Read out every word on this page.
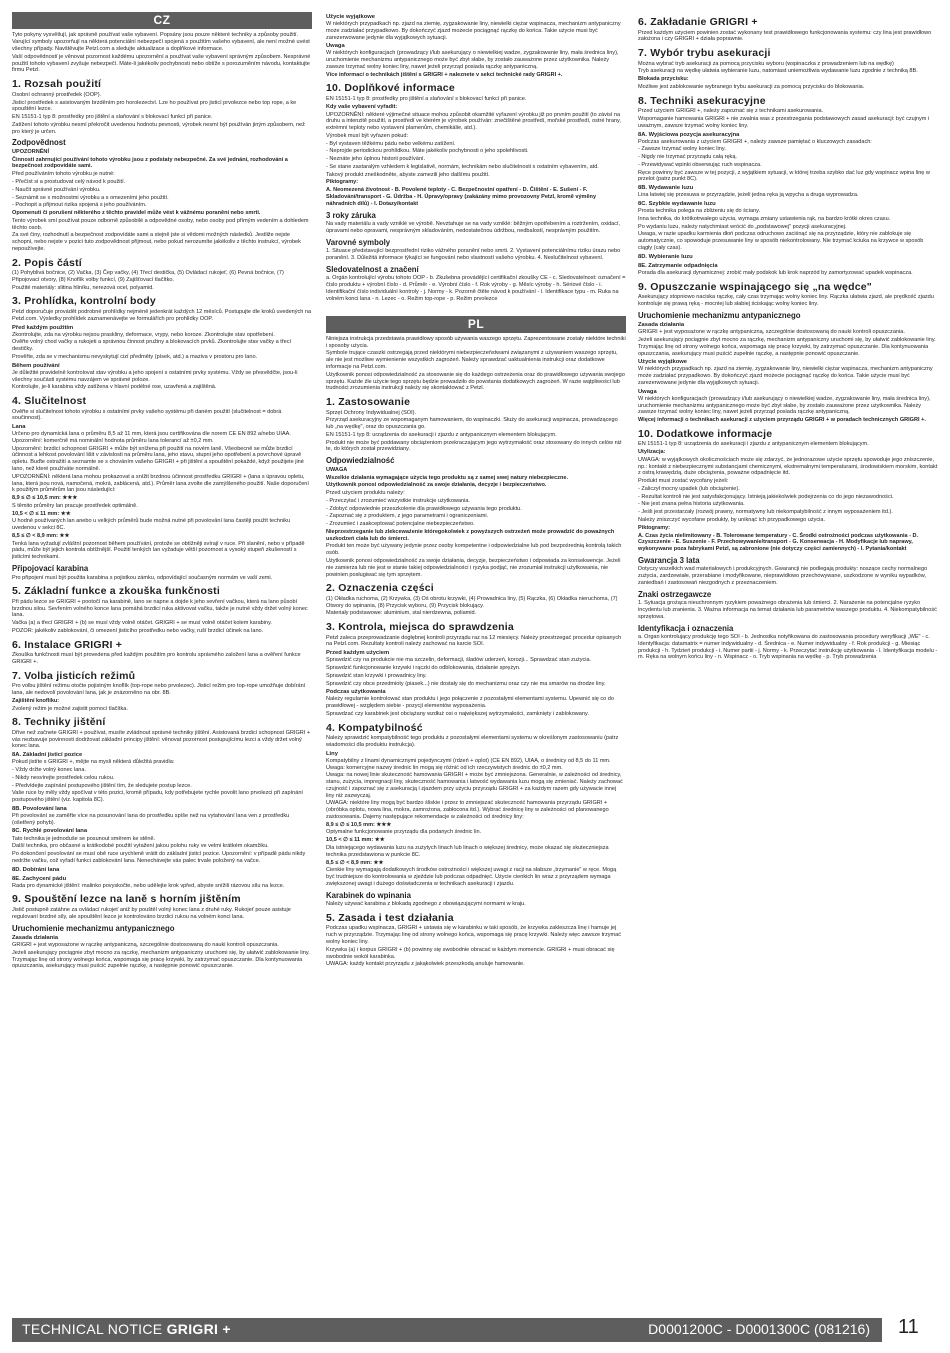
CZ

Tyto pokyny vysvětlují, jak správně používat vaše vybavení. Popsány jsou pouze některé techniky a způsoby použití.

Varující symboly upozorňují na některá potenciální nebezpečí spojená s použitím vašeho vybavení, ale není možné uvést všechny případy. Navštěvujte Petzl.com a sledujte aktualizace a doplňkové informace.

Vaší odpovědností je věnovat pozornost každému upozornění a používat vaše vybavení správným způsobem. Nesprávné použití tohoto vybavení zvyšuje nebezpečí. Máte-li jakékoliv pochybnosti nebo obtíže s porozuměním návodu, kontaktujte firmu Petzl.

1. Rozsah použití

Osobní ochranný prostředek (OOP).

Jisticí prostředek s asistovaným brzděním pro horolezectví. Lze ho používat pro jisticí prvolezce nebo top rope, a ke spouštění lezce.

EN 15151-1 typ 8: prostředky pro jištění a slaňování s blokovací funkcí při panice.

Zatížení tohoto výrobku nesmí překročit uvedenou hodnotu pevnosti, výrobek nesmí být používán jiným způsobem, než pro který je určen.

Zodpovědnost

UPOZORNĚNÍ

Činnosti zahrnující používání tohoto výrobku jsou z podstaty nebezpečné. Za své jednání, rozhodování a bezpečnost zodpovídáte sami.

Před používáním tohoto výrobku je nutné:

- Přečíst si a prostudovat celý návod k použití.

- Naučit správné používání výrobku.

- Seznámit se s možnostmi výrobku a s omezeními jeho použití.

- Pochopit a přijmout rizika spojená s jeho používáním.

Opomenutí či porušení některého z těchto pravidel může vést k vážnému poranění nebo smrti.

Tento výrobek smí používat pouze odborně způsobilé a odpovědné osoby, nebo osoby pod přímým vedením a dohledem těchto osob.

Za své činy, rozhodnutí a bezpečnost zodpovídáte sami a stejně jste si vědomi možných následků. Jestliže nejste schopni, nebo nejste v pozici tuto zodpovědnost přijmout, nebo pokud nerozumíte jakékoliv z těchto instrukcí, výrobek nepoužívejte.

2. Popis částí

(1) Pohyblivá bočnice, (2) Vačka, (3) Čep vačky, (4) Třecí destička, (5) Ovládací rukojeť, (6) Pevná bočnice, (7) Připojovací otvory, (8) Knoflík volby funkcí, (9) Zajišťovací tlačítko.

Použité materiály: slitina hliníku, nerezová ocel, polyamid.

3. Prohlídka, kontrolní body

Petzl doporučuje provádět podrobné prohlídky nejméně jedenkrát každých 12 měsíců. Postupujte dle kroků uvedených na Petzl.com. Výsledky prohlídek zaznamenávejte ve formulářích pro prohlídky OOP.

Před každým použitím

Zkontrolujte, zda na výrobku nejsou praskliny, deformace, vrypy, nebo koroze. Zkontrolujte stav opotřebení.

Ověřte volný chod vačky a rukojeti a správnou činnost pružiny a blokovacích prvků. Zkontrolujte stav vačky a třecí destičky.

Prověřte, zda se v mechanismu nevyskytují cizí předměty (písek, atd.) a maziva v prostoru pro lano.

Během používání

Je důležité pravidelně kontrolovat stav výrobku a jeho spojení s ostatními prvky systému. Vždy se přesvědčte, jsou-li všechny součásti systému navzájem ve správné poloze.

Kontrolujte, je-li karabina vždy zatížena v hlavní podélné ose, uzavřená a zajištěná.

4. Slučitelnost

Ověřte si slučitelnost tohoto výrobku s ostatními prvky vašeho systému při daném použití (slučitelnost = dobrá součinnost).

Lana

Určeno pro dynamická lana o průměru 8,5 až 11 mm, která jsou certifikována dle norem CE EN 892 a/nebo UIAA. Upozornění: komerčně má nominální hodnota průměru lana tolerancí až ±0,2 mm.

Upozornění: brzdicí schopnost GRIGRI + může být snížena při použití na novém laně. Všeobecně se může brzdicí účinnost a lehkost povolování lišit v závislosti na průměru lana, jeho stavu, stupni jeho opotřebení a povrchové úpravě opletu. Buďte ostražití a seznamte se s chováním vašeho GRIGRI + při jištění a spouštění pokaždé, když použijete jiné lano, než které používáte normálně.

UPOZORNĚNÍ: některá lana mohou prokazovat a snížit brzdnou účinnost prostředku GRIGRI + (lana s úpravou opletu, lana, která jsou nová, namočená, mokrá, zablácená, atd.). Průměr lana zvolte dle zamýšleného použití. Naše doporučení k použitým průměrům lan jsou následující:

8,9 ≤ ∅ ≤ 10,5 mm: ★★★

S těmito průměry lan pracuje prostředek optimálně.

10,5 < ∅ ≤ 11 mm: ★★

U hodně používaných lan anebo u velkých průměrů bude možná nutné při povolování lana častěji použít techniku uvedenou v sekci 8C.

8,5 ≤ ∅ < 8,9 mm: ★★

Tenká lana vyžadují zvláštní pozornost během používání, protože se obtížněji svírají v ruce. Při slanění, nebo v případě pádu, může být jejich kontrola obtížnější. Použití tenkých lan vyžaduje větší pozornost a vysoký stupeň zkušeností s jisticími technikami.

Připojovací karabina

Pro připojení musí být použita karabina s pojistkou zámku, odpovídající současným normám ve vaší zemi.

5. Základní funkce a zkouška funkčnosti

Při pádu lezce se GRIGRI + pootočí na karabině, lano se napne a dojde k jeho sevření vačkou, která na lano působí brzdnou silou. Sevřením volného konce lana pomáhá brzdicí ruka aktivovat vačku, takže je nutné vždy držet volný konec lana.

Vačka (a) a třecí GRIGRI + (b) se musí vždy volně otáčet. GRIGRI + se musí volně otáčet kolem karabiny.

POZOR: jakékoliv zablokování, či omezení jisticího prostředku nebo vačky, ruší brzdicí účinek na lano.

6. Instalace GRIGRI +

Zkouška funkčnosti musí být provedena před každým použitím pro kontrolu správného založení lana a ověření funkce GRIGRI +.

7. Volba jisticích režimů

Pro volbu jištění režimu otočte pojistným knoflík (top-rope nebo prvolezec). Jisticí režim pro top-rope umožňuje dobírání lana, ale nedovolí povolování lana, jak je znázorněno na obr. 8B.

Zajištění knoflíku:

Zvolený režim je možné zajistit pomocí tlačítka.

8. Techniky jištění

Dříve než začnete GRIGRI + používat, musíte zvládnout správné techniky jištění. Asistovaná brzdicí schopnost GRIGRI + vás nezbavuje povinnosti dodržovat základní principy jištění: věnovat pozornost postupujícímu lezci a vždy držet volný konec lana.

8A. Základní jisticí pozice

Pokud jistíte s GRIGRI +, mějte na mysli některá důležitá pravidla:

- Vždy držte volný konec lana.

- Nikdy nesvírejte prostředek celou rukou.

- Předvídejte zapínání postupového jištění tím, že sledujete postup lezce.

Vaše ruce by měly vždy spočívat v této pozici, kromě případu, kdy potřebujete rychle povolit lano prvolezci při zapínání postupového jištění (viz. kapitola 8C).

8B. Povolování lana

Při povolování se zaměřte více na posunování lana do prostředku spíše než na vytahování lana ven z prostředku (ošetřený pohyb).

8C. Rychlé povolování lana

Tato technika je jednoduše se posunout směrem ke stěně.

Další technika, pro občasné a krátkodobé použití vytažení jakou polohu ruky ve velmi krátkém okamžiku.

Po dokončení povolování se musí obě ruce urychleně vrátit do základní jisticí pozice. Upozornění: v případě pádu nikdy nedržte vačku, což vyřadí funkci zablokování lana. Nenechávejte vás palec trvale položený na vačce.

8D. Dobírání lana
8E. Zachycení pádu

Rada pro dynamické jištění: malinko povyskočte, nebo udělejte krok vpřed, abyste snížili rázovou sílu na lezce.

9. Spouštění lezce na laně s horním jištěním

Jistič postupně zatáhne za ovládací rukojeť aniž by pouštěl volný konec lana z druhé ruky. Rukojeť pouze asistuje regulovaní brzdné síly, ale spouštění lezce je kontrolováno brzdicí rukou na volném konci lana.

Uruchomienie mechanizmu antypanicznego
Zasada działania

GRIGRI + jest wyposażone w rączkę antypaniczną, szczególnie dostosowaną do nauki kontroli opuszczania.

Jeżeli asekurujący pociągnie zbyt mocno za rączkę, mechanizm antypaniczny uruchomi się, by ułatwić zablokowanie liny. Trzymając linę od strony wolnego końca, wspomaga się pracę krzywki, by zatrzymać opuszczanie. Dla kontynuowania opuszczania, asekurujący musi puścić zupełnie rączkę, a następnie ponowić opuszczanie.

Užycie wyjątkowe

W niektórych przypadkach np. zjazd na ziemię, zygzakowanie liny, niewielki ciężar wspinacza, mechanizm antypaniczny może zadziałać przypadkowo. By dokończyć zjazd możecie pociągnąć rączkę do końca. Takie użycie musi być zarezerwowane jedynie dla wyjątkowych sytuacji.

Uwaga

W niektórych konfiguracjach (prowadzący i/lub asekurujący o niewielkiej wadze, zygzakowanie liny, mała średnica liny), uruchomienie mechanizmu antypanicznego może być zbyt słabe, by zostało zauważone przez użytkownika. Należy zawsze trzymać wolny koniec liny, nawet jeżeli przyrząd posiada rączkę antypaniczną.

Více informací o technikách jištění s GRIGRI + naleznete v sekci technické rady GRIGRI +.

10. Doplňkové informace

EN 15151-1 typ 8: prostředky pro jištění a slaňování s blokovací funkcí při panice.

Kdy vaše vybavení vyřadit:

UPOZORNĚNÍ: některé výjimečné situace mohou způsobit okamžité vyřazení výrobku již po prvním použití (to závisí na druhu a intenzitě použití, a prostředí ve kterém je výrobek používán: znečištěné prostředí, mořské prostředí, ostré hrany, extrémní teploty nebo vystavení plamenům, chemikálie, atd.).

Výrobek musí být vyřazen pokud:

- Byl vystaven těžkému pádu nebo velkému zatížení.

- Neprojde periodickou prohlídkou. Máte jakékoliv pochybnosti o jeho spolehlivosti.

- Neznáte jeho úplnou historii používání.

- Se stane zastaralým vzhledem k legislativě, normám, technikám nebo slučitelnosti s ostatním vybavením, atd.

Takový produkt zneškodněte, abyste zamezili jeho dalšímu použití.

Piktogramy:

A. Neomezená životnost - B. Povolené teploty - C. Bezpečnostní opatření - D. Čištění - E. Sušení - F. Skladování/transport - G. Údržba - H. Úpravy/opravy (zakázány mimo provozovny Petzl, kromě výměny náhradních dílů) - I. Dotazy/kontakt

3 roky záruka

Na vady materiálu a vady vzniklé ve výrobě. Nevztahuje se na vady vzniklé: běžným opotřebením a roztržením, oxidací, úpravami nebo opravami, nesprávným skladováním, nedostatečnou údržbou, nedbalostí, nesprávným použitím.

Varovné symboly

1. Situace představující bezprostřední riziko vážného poranění nebo smrti. 2. Vystavení potenciálnímu riziku úrazu nebo poranění. 3. Důležitá informace týkající se fungování nebo vlastností vašeho výrobku. 4. Neslučitelnost vybavení.

Sledovatelnost a značení

a. Orgán kontrolující výrobu tohoto OOP - b. Zkušebna provádějící certifikační zkoušky CE - c. Sledovatelnost: označení = číslo produktu + výrobní číslo - d. Průměr - e. Výrobní číslo - f. Rok výroby - g. Měsíc výroby - h. Sériové číslo - i. Identifikační číslo individuální kontroly - j. Normy - k. Pozorně čtěte návod k používání - l. Identifikace typu - m. Ruka na volném konci lana - n. Lezec - o. Režim top-rope - p. Režim prvolezce

PL

Niniejsza instrukcja przedstawia prawidłowy sposób używania waszego sprzętu. Zaprezentowane zostały niektóre techniki i sposoby użycia.

Symbole trujące czaszki ostrzegają przed niektórymi niebezpieczeństwami związanymi z używaniem waszego sprzętu, ale nie jest możliwe wymienienie wszystkich zagrożeń. Należy sprawdzać uaktualnienia instrukcji oraz dodatkowe informacje na Petzl.com.

Użytkownik ponosi odpowiedzialność za stosowanie się do każdego ostrzeżenia oraz do prawidłowego używania swojego sprzętu. Każde źle użycie tego sprzętu będzie prowadziło do powstania dodatkowych zagrożeń. W razie wątpliwości lub trudności zrozumienia instrukcji należy się skontaktować z Petzl.

1. Zastosowanie

Sprzęt Ochrony Indywidualnej (SOI).

Przyrząd asekuracyjny ze wspomaganym hamowaniem, do wspinaczki. Służy do asekuracji wspinacza, prowadzącego lub „na wędkę", oraz do opuszczania go.

EN 15151-1 typ 8: urządzenia do asekuracji i zjazdu z antypanicznym elementem blokującym.

Produkt nie może być poddawany obciążeniom przekraczającym jego wytrzymałość oraz stosowany do innych celów niż te, do których został przewidziany.

Odpowiedzialność

UWAGA

Wszelkie działania wymagające użycia tego produktu są z samej swej natury niebezpieczne.

Użytkownik ponosi odpowiedzialność za swoje działania, decyzje i bezpieczeństwo.

Przed użyciem produktu należy:

- Przeczytać i zrozumieć wszystkie instrukcje użytkowania.

- Zdobyć odpowiednie przeszkolenie dla prawidłowego używania tego produktu.

- Zapoznać się z produktem, z jego parametrami i ograniczeniami.

- Zrozumieć i zaakceptować potencjalne niebezpieczeństwo.

Nieprzestrzeganie lub zlekceważenie któregokolwiek z powyższych ostrzeżeń może prowadzić do poważnych uszkodzeń ciała lub do śmierci.

Produkt ten może być używany jedynie przez osoby kompetentne i odpowiedzialne lub pod bezpośrednią kontrolą takich osób.

Użytkownik ponosi odpowiedzialność za swoje działania, decyzje, bezpieczeństwo i odpowiada za konsekwencje. Jeżeli nie zamierza lub nie jest w stanie takiej odpowiedzialności i ryzyka podjąć, nie zrozumiał instrukcji użytkowania, nie powinien posługiwać się tym sprzętem.

2. Oznaczenia części

(1) Okładka ruchoma, (2) Krzywka, (3) Oś obrotu krzywki, (4) Prowadnica liny, (5) Rączka, (6) Okładka nieruchoma, (7) Otwory do wpinania, (8) Przycisk wyboru, (9) Przycisk blokujący.

Materiały podstawowe: aluminium, stal nierdzewna, poliamid.

3. Kontrola, miejsca do sprawdzenia

Petzl zaleca przeprowadzanie dogłębnej kontroli przyrządu raz na 12 miesięcy. Należy przestrzegać procedur opisanych na Petzl.com. Rezultaty kontroli należy zachować na karcie SOI.

Przed każdym użyciem

Sprawdzić czy na produkcie nie ma szczelin, deformacji, śladów uderzeń, korozji... Sprawdzać stan zużycia.

Sprawdzić funkcjonowanie krzywki i rączki do odblokowania, działanie sprężyn.

Sprawdzić stan krzywki i prowadnicy liny.

Sprawdzić czy obce przedmioty (piasek...) nie dostały się do mechanizmu oraz czy nie ma smarów na drodze liny.

Podczas użytkowania

Należy regularnie kontrolować stan produktu i jego połączenie z pozostałymi elementami systemu. Upewnić się co do prawidłowej - względem siebie - pozycji elementów wyposażenia.

Sprawdzać czy karabinek jest obciążany wzdłuż osi o największej wytrzymałości, zamknięty i zablokowany.

4. Kompatybilność

Należy sprawdzić kompatybilność tego produktu z pozostałymi elementami systemu w określonym zastosowaniu (patrz wiadomości dla produktu instrukcja).

Liny

Kompatybilny z linami dynamicznymi pojedynczymi (rdzeń + oplot) (CE EN 892), UIAA, o średnicy od 8,5 do 11 mm. Uwaga: komercyjne nazwy średnic lin mogą się różnić od ich rzeczywistych średnic do ±0,2 mm.

Uwaga: na nowej linie skuteczność hamowania GRIGRI + może być zmniejszona. Generalnie, w zależności od średnicy, stanu, zużycia, impregnacji liny, skuteczność hamowania i łatwość wydawania luzu mogą się zmieniać. Należy zachować czujność i zapoznać się z asekuracją i zjazdem przy użyciu przyrządu GRIGRI + za każdym razem gdy używacie innej liny niż zazwyczaj.

UWAGA: niektóre liny mogą być bardzo śliskie i przez to zmniejszać skuteczność hamowania przyrządu GRIGRI + (obróbka oplotu, nowa lina, mokra, zamrożona, zabłocona itd.). Wybrać średnicę liny w zależności od planowanego zastosowania. Dajemy następujące rekomendacje w zależności od średnicy liny:

8,9 ≤ ∅ ≤ 10,5 mm: ★★★

Optymalne funkcjonowanie przyrządu dla podanych średnic lin.

10,5 < ∅ ≤ 11 mm: ★★

Dla istniejącego wydawania luzu na zużytych linach lub linach o większej średnicy, może okazać się skuteczniejsza technika przedstawiona w punkcie 8C.

8,5 ≤ ∅ < 8,9 mm: ★★

Cienkie liny wymagają dodatkowych środków ostrożności i większej uwagi z racji na słabsze „trzymanie" w ręce. Mogą być trudniejsze do kontrolowania w zjeździe lub podczas odpadnięć. Użycie cienkich lin wraz z przyrządem wymaga zwiększonej uwagi i dużego doświadczenia w technikach asekuracji i zjazdu.

Karabinek do wpinania

Należy używać karabina z blokadą zgodnego z obowiązującymi normami w kraju.

5. Zasada i test działania

Podczas upadku wspinacza, GRIGRI + ustawia się w karabinku w taki sposób, że krzywka zakleszcza linę i hamuje jej ruch w przyrządzie. Trzymając linę od strony wolnego końca, wspomaga się pracę krzywki. Należy więc zawsze trzymać wolny koniec liny.

Krzywka (a) i korpus GRIGRI + (b) powinny się swobodnie obracać w każdym momencie. GRIGRI + musi obracać się swobodnie wokół karabinka.

UWAGA: każdy kontakt przyrządu z jakąkolwiek przeszkodą anuluje hamowanie.

6. Zakładanie GRIGRI +

Przed każdym użyciem powinien zostać wykonany test prawidłowego funkcjonowania systemu: czy lina jest prawidłowo założona i czy GRIGRI + działa poprawnie.

7. Wybór trybu asekuracji

Można wybrać tryb asekuracji za pomocą przycisku wyboru (wspinaczka z prowadzeniem lub na wędkę)

Tryb asekuracji na wędkę ułatwia wybieranie luzu, natomiast uniemożliwia wydawanie luzu zgodnie z techniką 8B.

Blokada przycisku:

Możliwe jest zablokowanie wybranego trybu asekuracji za pomocą przycisku do blokowania.

8. Techniki asekuracyjne

Przed użyciem GRIGRI +, należy zapoznać się z technikami asekurowania.

Wspomaganie hamowania GRIGRI + nie zwalnia was z przestrzegania podstawowych zasad asekuracji: być czujnym i uważnym, zawsze trzymać wolny koniec liny.

8A. Wyjściowa pozycja asekuracyjna

Podczas asekurowania z użyciem GRIGRI +, należy zawsze pamiętać o kluczowych zasadach:

- Zawsze trzymać wolny koniec liny.

- Nigdy nie trzymać przyrządu całą ręką.

- Przewidywać wpinki obserwując ruch wspinacza.

Ręce powinny być zawsze w tej pozycji, z wyjątkiem sytuacji, w której trzeba szybko dać luz gdy wspinacz wpina linę w przelot (patrz punkt 8C).

8B. Wydawanie luzu

Lina łatwiej się przesuwa w przyrządzie, jeżeli jedna ręka ją wpycha a druga wyprowadza.

8C. Szybkie wydawanie luzu

Prosta technika polega na zbliżeniu się do ściany.

Inna technika, do krótkotrwałego użycia, wymaga zmiany ustawienia rąk, na bardzo krótki okres czasu.

Po wydaniu luzu, należy natychmiast wrócić do „podstawowej" pozycji asekuracyjnej.

Uwaga, w razie upadku karmienia dłoń podczas odruchowo zaciśnąć się na przyrządzie, który nie zablokuje się automatycznie, co spowoduje przesuwanie liny w sposób niekontrolowany. Nie trzymać kciuka na krzywce w sposób ciągły (cały czas).

8D. Wybieranie luzu
8E. Zatrzymanie odpadnięcia

Porada dla asekuracji dynamicznej: zrobić mały podskok lub krok naprzód by zamortyzować upadek wspinacza.

9. Opuszczanie wspinającego się „na wędce"

Asekurujący stopniowo naciska rączkę, cały czas trzymając wolny koniec liny. Rączka ułatwia zjazd, ale prędkość zjazdu kontroluje się prawą ręką - mocniej lub słabiej ściskając wolny koniec liny.

Uruchomienie mechanizmu antypanicznego
Zasada działania

GRIGRI + jest wyposażone w rączkę antypaniczną, szczególnie dostosowaną do nauki kontroli opuszczania.

Jeżeli asekurujący pociągnie zbyt mocno za rączkę, mechanizm antypaniczny uruchomi się, by ułatwić zablokowanie liny. Trzymając linę od strony wolnego końca, wspomaga się pracę krzywki, by zatrzymać opuszczanie. Dla kontynuowania opuszczania, asekurujący musi puścić zupełnie rączkę, a następnie ponowić opuszczanie.

Użycie wyjątkowe

W niektórych przypadkach np. zjazd na ziemię, zygzakowanie liny, niewielki ciężar wspinacza, mechanizm antypaniczny może zadziałać przypadkowo. By dokończyć zjazd możecie pociągnąć rączkę do końca. Takie użycie musi być zarezerwowane jedynie dla wyjątkowych sytuacji.

Uwaga

W niektórych konfiguracjach (prowadzący i/lub asekurujący o niewielkiej wadze, zygzakowanie liny, mała średnica liny), uruchomienie mechanizmu antypanicznego może być zbyt słabe, by zostało zauważone przez użytkownika. Należy zawsze trzymać wolny koniec liny, nawet jeżeli przyrząd posiada rączkę antypaniczną.

Więcej informacji o technikach asekuracji z użyciem przyrządu GRIGRI + w poradach technicznych GRIGRI +.

10. Dodatkowe informacje

EN 15151-1 typ 8: urządzenia do asekuracji i zjazdu z antypanicznym elementem blokującym.

Utylizacja:

UWAGA: w wyjątkowych okolicznościach może się zdarzyć, że jednorazowe użycie sprzętu spowoduje jego zniszczenie, np.: kontakt z niebezpiecznymi substancjami chemicznymi, ekstremalnymi temperaturami, środowiskiem morskim, kontakt z ostrą krawędzią, duże obciążenia, poważne odpadnięcie itd.

Produkt musi zostać wycofany jeżeli:

- Zaliczył mocny upadek (lub obciążenie).

- Rezultat kontroli nie jest satysfakcjonujący. Istnieją jakiekolwiek podejrzenia co do jego niezawodności.

- Nie jest znana pełna historia użytkowania.

- Jeśli jest przestarzały (rozwój prawny, normatywny lub niekompatybilność z innym wyposażeniem itd.).

Należy zniszczyć wycofane produkty, by uniknąć ich przypadkowego użycia.

Piktogramy:

A. Czas życia nielimitowany - B. Tolerowane temperatury - C. Środki ostrożności podczas użytkowania - D. Czyszczenie - E. Suszenie - F. Przechowywanie/transport - G. Konserwacja - H. Modyfikacje lub naprawy, wykonywane poza fabrykami Petzl, są zabronione (nie dotyczy części zamiennych) - I. Pytania/kontakt

Gwarancja 3 lata

Dotyczy wszelkich wad materiałowych i produkcyjnych. Gwarancji nie podlegają produkty: noszące cechy normalnego zużycia, zardzewiałe, przerabiane i modyfikowane, nieprawidłowo przechowywane, uszkodzone w wyniku wypadków, zaniedbań i zastosowań niezgodnych z przeznaczeniem.

Znaki ostrzegawcze

1. Sytuacja grożąca nieuchronnym ryzykiem poważnego obrażenia lub śmierci. 2. Narażenie na potencjalne ryzyko incydentu lub zranienia. 3. Ważna informacja na temat działania lub parametrów waszego produktu. 4. Niekompatybilność sprzętowa.

Identyfikacja i oznaczenia

a. Organ kontrolujący produkcję tego SOI - b. Jednostka notyfikowana do zastosowania procedury weryfikacji „WE" - c. Identyfikacja: datamatrix = numer indywidualny - d. Średnica - e. Numer indywidualny - f. Rok produkcji - g. Miesiąc produkcji - h. Tydzień produkcji - i. Numer partii - j. Normy - k. Przeczytać instrukcję użytkowania - l. Identyfikacja modelu - m. Ręka na wolnym końcu liny - n. Wspinacz - o. Tryb wspinania na wędkę - p. Tryb prowadzenia

TECHNICAL NOTICE GRIGRI +	D0001200C - D0001300C (081216) 11
